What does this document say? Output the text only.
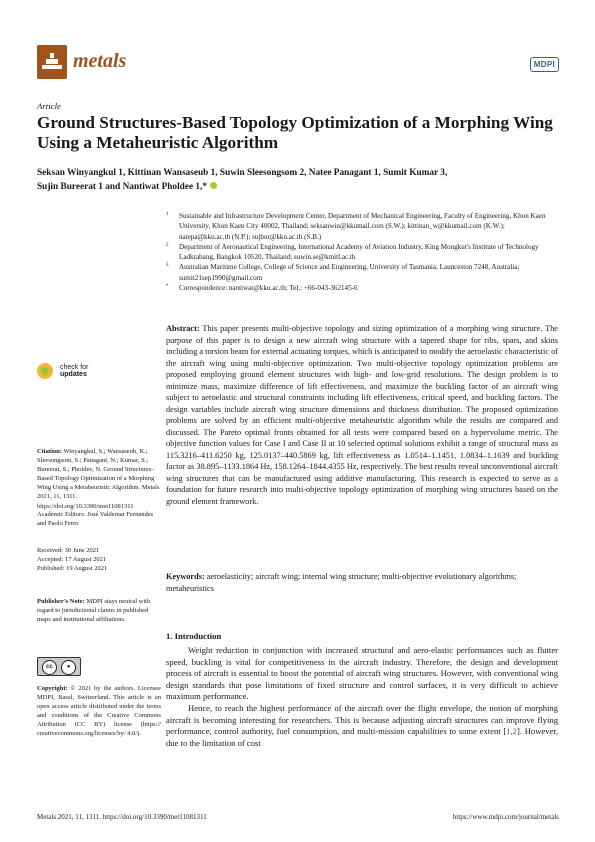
metals	MDPI
Article
Ground Structures-Based Topology Optimization of a Morphing Wing Using a Metaheuristic Algorithm
Seksan Winyangkul 1, Kittinan Wansaseub 1, Suwin Sleesongsom 2, Natee Panagant 1, Sumit Kumar 3,
Sujin Bureerat 1 and Nantiwat Pholdee 1,*
1 Sustainable and Infrastructure Development Center, Department of Mechanical Engineering, Faculty of Engineering, Khon Kaen University, Khon Kaen City 40002, Thailand; seksanwin@kkumail.com (S.W.); kittinan_w@kkumail.com (K.W.); natepa@kku.ac.th (N.P.); sujbur@kku.ac.th (S.B.)
2 Department of Aeronautical Engineering, International Academy of Aviation Industry, King Mongkut's Institute of Technology Ladkrabang, Bangkok 10520, Thailand; suwin.se@kmitl.ac.th
3 Australian Maritime College, College of Science and Engineering, University of Tasmania, Launceston 7248, Australia; sumit21sep1990@gmail.com
* Correspondence: nantiwat@kku.ac.th; Tel.: +66-043-362145-6
Abstract: This paper presents multi-objective topology and sizing optimization of a morphing wing structure. The purpose of this paper is to design a new aircraft wing structure with a tapered shape for ribs, spars, and skins including a torsion beam for external actuating torques, which is anticipated to modify the aeroelastic characteristic of the aircraft wing using multi-objective optimization. Two multi-objective topology optimization problems are proposed employing ground element structures with high- and low-grid resolutions. The design problem is to minimize mass, maximize difference of lift effectiveness, and maximize the buckling factor of an aircraft wing subject to aeroelastic and structural constraints including lift effectiveness, critical speed, and buckling factors. The design variables include aircraft wing structure dimensions and thickness distribution. The proposed optimization problems are solved by an efficient multi-objective metaheuristic algorithm while the results are compared and discussed. The Pareto optimal fronts obtained for all tests were compared based on a hypervolume metric. The objective function values for Case I and Case II at 10 selected optimal solutions exhibit a range of structural mass as 115.3216–411.6250 kg, 125.0137–440.5869 kg, lift effectiveness as 1.0514–1.1451, 1.0834–1.1639 and buckling factor as 38.895–1133.1864 Hz, 158.1264–1844.4355 Hz, respectively. The best results reveal unconventional aircraft wing structures that can be manufactured using additive manufacturing. This research is expected to serve as a foundation for future research into multi-objective topology optimization of morphing wing structures based on the ground element framework.
Keywords: aeroelasticity; aircraft wing; internal wing structure; multi-objective evolutionary algorithms; metaheuristics
check for
updates
Citation: Winyangkul, S.; Wansaseub, K.; Sleesongsom, S.; Panagant, N.; Kumar, S.; Bureerat, S.; Pholdee, N. Ground Structures-Based Topology Optimization of a Morphing Wing Using a Metaheuristic Algorithm. Metals 2021, 11, 1311. https://doi.org/10.3390/met11081311
Academic Editors: José Valdemar Fernandes and Paolo Ferro
Received: 30 June 2021
Accepted: 17 August 2021
Published: 19 August 2021
Publisher's Note: MDPI stays neutral with regard to jurisdictional claims in published maps and institutional affiliations.
cc	●
Copyright: © 2021 by the authors. Licensee MDPI, Basel, Switzerland. This article is an open access article distributed under the terms and conditions of the Creative Commons Attribution (CC BY) license (https:// creativecommons.org/licenses/by/ 4.0/).
1. Introduction

Weight reduction in conjunction with increased structural and aero-elastic performances such as flutter speed, buckling is vital for competitiveness in the aircraft industry. Therefore, the design and development process of aircraft is essential to boost the potential of aircraft wing structures. However, with conventional wing design standards that pose limitations of fixed structure and control surfaces, it is very difficult to achieve maximum performance.

Hence, to reach the highest performance of the aircraft over the flight envelope, the notion of morphing aircraft is becoming interesting for researchers. This is because adjusting aircraft structures can improve flying performance, control authority, fuel consumption, and multi-mission capabilities to some extent [1,2]. However, due to the limitation of cost

Metals 2021, 11, 1311. https://doi.org/10.3390/met11081311	https://www.mdpi.com/journal/metals
